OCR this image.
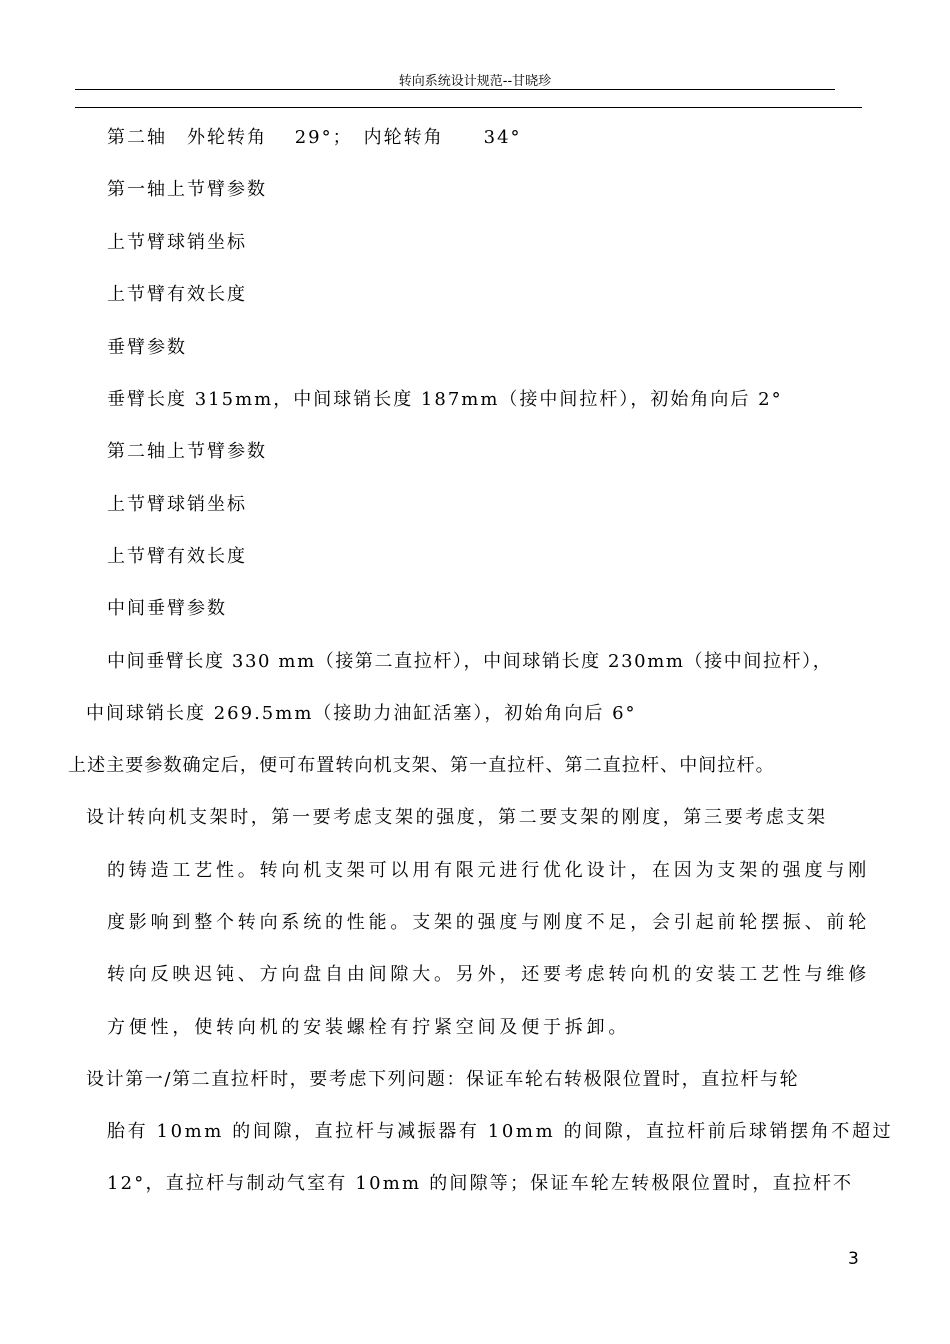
转向系统设计规范--甘晓珍
第二轴　外轮转角　 29°；　内轮转角　　34°
第一轴上节臂参数
上节臂球销坐标
上节臂有效长度
垂臂参数
垂臂长度 315mm，中间球销长度 187mm（接中间拉杆），初始角向后 2°
第二轴上节臂参数
上节臂球销坐标
上节臂有效长度
中间垂臂参数
中间垂臂长度 330 mm（接第二直拉杆），中间球销长度 230mm（接中间拉杆），
中间球销长度 269.5mm（接助力油缸活塞），初始角向后 6°
上述主要参数确定后，便可布置转向机支架、第一直拉杆、第二直拉杆、中间拉杆。
设计转向机支架时，第一要考虑支架的强度，第二要支架的刚度，第三要考虑支架
的铸造工艺性。转向机支架可以用有限元进行优化设计，在因为支架的强度与刚
度影响到整个转向系统的性能。支架的强度与刚度不足，会引起前轮摆振、前轮
转向反映迟钝、方向盘自由间隙大。另外，还要考虑转向机的安装工艺性与维修
方便性，使转向机的安装螺栓有拧紧空间及便于拆卸。
设计第一/第二直拉杆时，要考虑下列问题：保证车轮右转极限位置时，直拉杆与轮
胎有 10mm 的间隙，直拉杆与减振器有 10mm 的间隙，直拉杆前后球销摆角不超过
12°，直拉杆与制动气室有 10mm 的间隙等；保证车轮左转极限位置时，直拉杆不
3
